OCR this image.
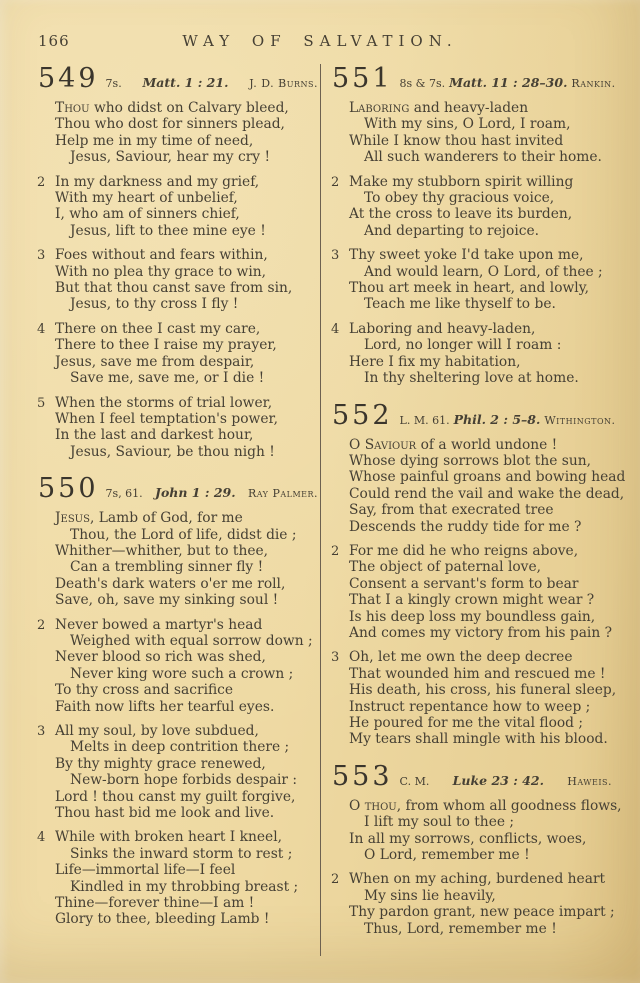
166	WAY OF SALVATION.
549 7s.	Matt. 1 : 21.	J. D. Burns.
Thou who didst on Calvary bleed,
Thou who dost for sinners plead,
Help me in my time of need,
Jesus, Saviour, hear my cry !
2 In my darkness and my grief,
With my heart of unbelief,
I, who am of sinners chief,
Jesus, lift to thee mine eye !
3 Foes without and fears within,
With no plea thy grace to win,
But that thou canst save from sin,
Jesus, to thy cross I fly !
4 There on thee I cast my care,
There to thee I raise my prayer,
Jesus, save me from despair,
Save me, save me, or I die !
5 When the storms of trial lower,
When I feel temptation's power,
In the last and darkest hour,
Jesus, Saviour, be thou nigh !
550 7s, 61. John 1 : 29.	Ray Palmer.
Jesus, Lamb of God, for me
Thou, the Lord of life, didst die ;
Whither—whither, but to thee,
Can a trembling sinner fly !
Death's dark waters o'er me roll,
Save, oh, save my sinking soul !
2 Never bowed a martyr's head
Weighed with equal sorrow down ;
Never blood so rich was shed,
Never king wore such a crown ;
To thy cross and sacrifice
Faith now lifts her tearful eyes.
3 All my soul, by love subdued,
Melts in deep contrition there ;
By thy mighty grace renewed,
New-born hope forbids despair :
Lord ! thou canst my guilt forgive,
Thou hast bid me look and live.
4 While with broken heart I kneel,
Sinks the inward storm to rest ;
Life—immortal life—I feel
Kindled in my throbbing breast ;
Thine—forever thine—I am !
Glory to thee, bleeding Lamb !
551 8s & 7s. Matt. 11 : 28–30. Rankin.
Laboring and heavy-laden
With my sins, O Lord, I roam,
While I know thou hast invited
All such wanderers to their home.
2 Make my stubborn spirit willing
To obey thy gracious voice,
At the cross to leave its burden,
And departing to rejoice.
3 Thy sweet yoke I'd take upon me,
And would learn, O Lord, of thee ;
Thou art meek in heart, and lowly,
Teach me like thyself to be.
4 Laboring and heavy-laden,
Lord, no longer will I roam :
Here I fix my habitation,
In thy sheltering love at home.
552 L. M. 61. Phil. 2 : 5–8. Withington.
O Saviour of a world undone !
Whose dying sorrows blot the sun,
Whose painful groans and bowing head
Could rend the vail and wake the dead,
Say, from that execrated tree
Descends the ruddy tide for me ?
2 For me did he who reigns above,
The object of paternal love,
Consent a servant's form to bear
That I a kingly crown might wear ?
Is his deep loss my boundless gain,
And comes my victory from his pain ?
3 Oh, let me own the deep decree
That wounded him and rescued me !
His death, his cross, his funeral sleep,
Instruct repentance how to weep ;
He poured for me the vital flood ;
My tears shall mingle with his blood.
553 C. M.	Luke 23 : 42.	Haweis.
O thou, from whom all goodness flows,
I lift my soul to thee ;
In all my sorrows, conflicts, woes,
O Lord, remember me !
2 When on my aching, burdened heart
My sins lie heavily,
Thy pardon grant, new peace impart ;
Thus, Lord, remember me !
